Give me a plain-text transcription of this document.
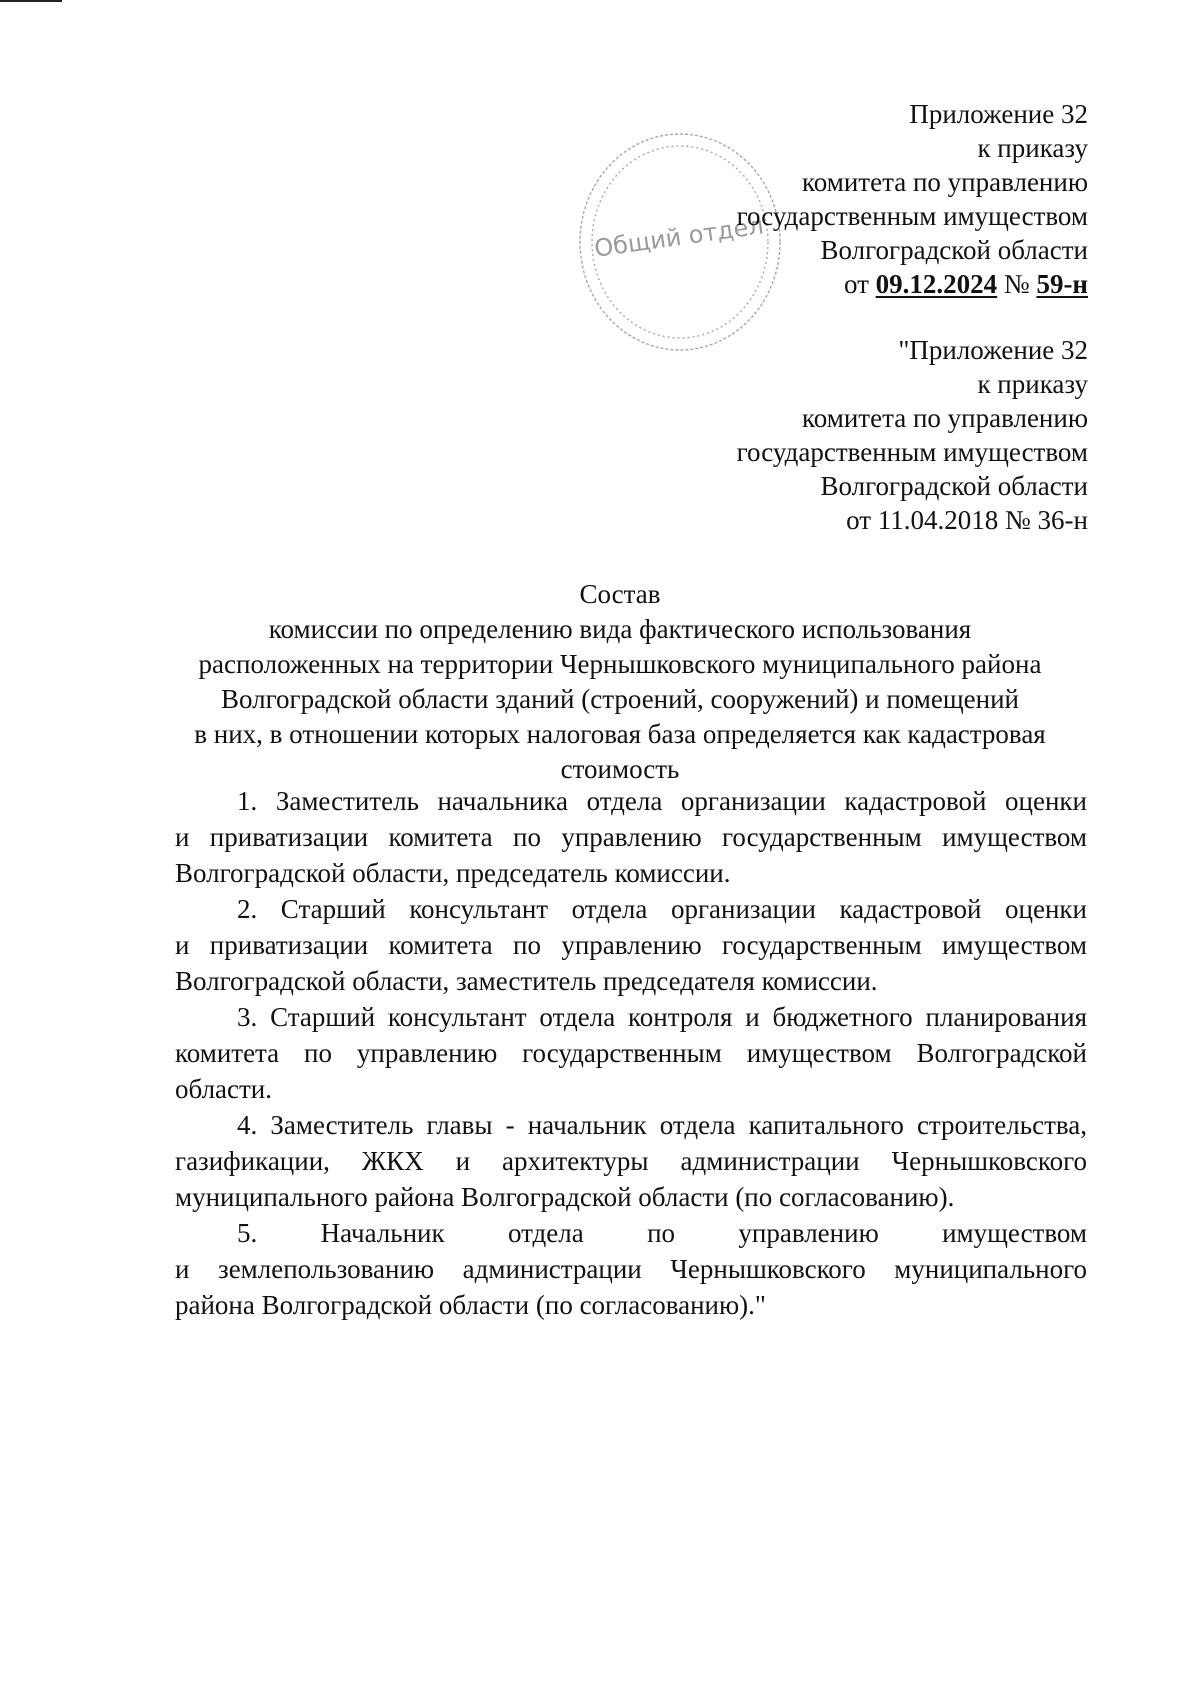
Общий отдел
Приложение 32
к приказу
комитета по управлению
государственным имуществом
Волгоградской области
от 09.12.2024 № 59-н
"Приложение 32
к приказу
комитета по управлению
государственным имуществом
Волгоградской области
от 11.04.2018 № 36-н
Состав
комиссии по определению вида фактического использования
расположенных на территории Чернышковского муниципального района
Волгоградской области зданий (строений, сооружений) и помещений
в них, в отношении которых налоговая база определяется как кадастровая
стоимость

1. Заместитель начальника отдела организации кадастровой оценки
и приватизации комитета по управлению государственным имуществом
Волгоградской области, председатель комиссии.

2. Старший консультант отдела организации кадастровой оценки
и приватизации комитета по управлению государственным имуществом
Волгоградской области, заместитель председателя комиссии.

3. Старший консультант отдела контроля и бюджетного планирования
комитета по управлению государственным имуществом Волгоградской
области.

4. Заместитель главы - начальник отдела капитального строительства,
газификации, ЖКХ и архитектуры администрации Чернышковского
муниципального района Волгоградской области (по согласованию).

5. Начальник отдела по управлению имуществом
и землепользованию администрации Чернышковского муниципального
района Волгоградской области (по согласованию)."
